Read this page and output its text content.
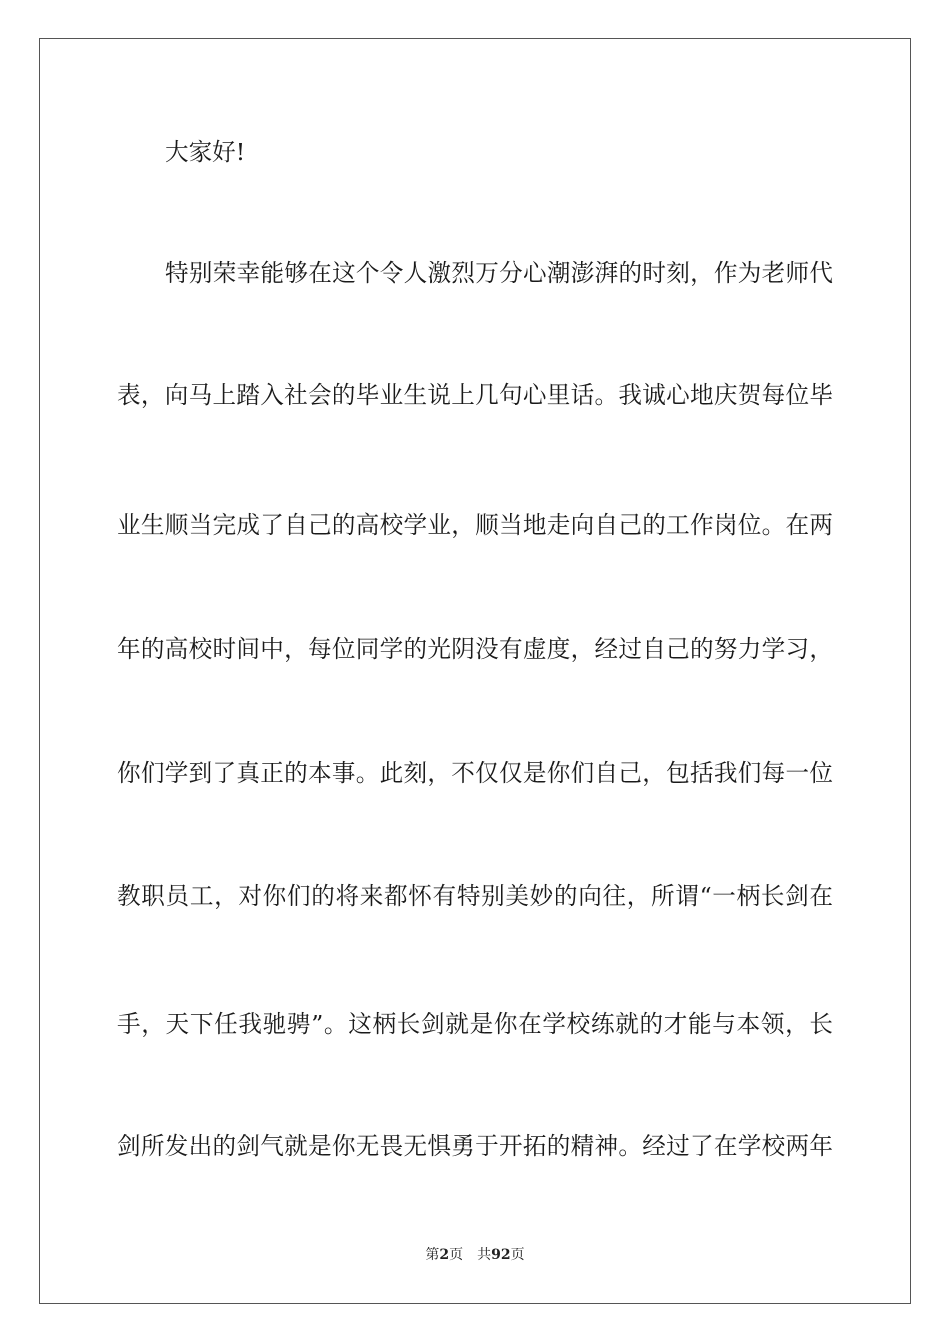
大家好!
特别荣幸能够在这个令人激烈万分心潮澎湃的时刻，作为老师代
表，向马上踏入社会的毕业生说上几句心里话。我诚心地庆贺每位毕
业生顺当完成了自己的高校学业，顺当地走向自己的工作岗位。在两
年的高校时间中，每位同学的光阴没有虚度，经过自己的努力学习，
你们学到了真正的本事。此刻，不仅仅是你们自己，包括我们每一位
教职员工，对你们的将来都怀有特别美妙的向往，所谓“一柄长剑在
手，天下任我驰骋”。这柄长剑就是你在学校练就的才能与本领，长
剑所发出的剑气就是你无畏无惧勇于开拓的精神。经过了在学校两年
第2页 共92页
